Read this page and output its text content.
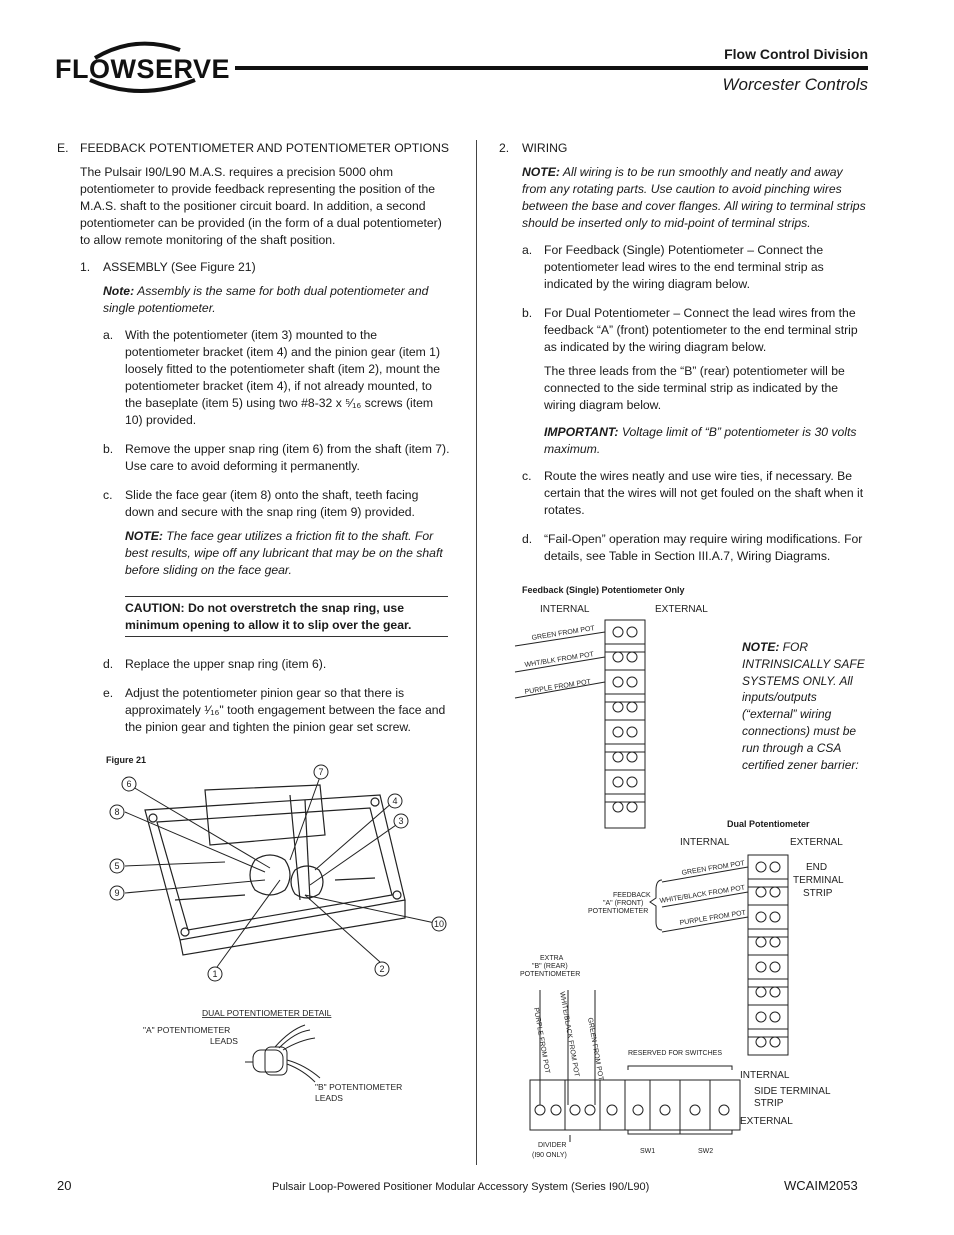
FLOWSERVE	Flow Control Division
Worcester Controls
E. FEEDBACK POTENTIOMETER AND POTENTIOMETER OPTIONS

The Pulsair I90/L90 M.A.S. requires a precision 5000 ohm potentiometer to provide feedback representing the position of the M.A.S. shaft to the positioner circuit board. In addition, a second potentiometer can be provided (in the form of a dual potentiometer) to allow remote monitoring of the shaft position.

1. ASSEMBLY (See Figure 21)

Note: Assembly is the same for both dual potentiometer and single potentiometer.

a. With the potentiometer (item 3) mounted to the potentiometer bracket (item 4) and the pinion gear (item 1) loosely fitted to the potentiometer shaft (item 2), mount the potentiometer bracket (item 4), if not already mounted, to the baseplate (item 5) using two #8-32 x ⁵⁄₁₆ screws (item 10) provided.

b. Remove the upper snap ring (item 6) from the shaft (item 7). Use care to avoid deforming it permanently.

c. Slide the face gear (item 8) onto the shaft, teeth facing down and secure with the snap ring (item 9) provided.

NOTE: The face gear utilizes a friction fit to the shaft. For best results, wipe off any lubricant that may be on the shaft before sliding on the face gear.

CAUTION: Do not overstretch the snap ring, use minimum opening to allow it to slip over the gear.

d. Replace the upper snap ring (item 6).

e. Adjust the potentiometer pinion gear so that there is approximately ¹⁄₁₆" tooth engagement between the face and the pinion gear and tighten the pinion gear set screw.

Figure 21
6
8
5
9
7
4
3
10
1	2
DUAL POTENTIOMETER DETAIL
"A" POTENTIOMETER
LEADS
"B" POTENTIOMETER
LEADS
2. WIRING

NOTE: All wiring is to be run smoothly and neatly and away from any rotating parts. Use caution to avoid pinching wires between the base and cover flanges. All wiring to terminal strips should be inserted only to mid-point of terminal strips.

a. For Feedback (Single) Potentiometer – Connect the potentiometer lead wires to the end terminal strip as indicated by the wiring diagram below.

b. For Dual Potentiometer – Connect the lead wires from the feedback “A” (front) potentiometer to the end terminal strip as indicated by the wiring diagram below.

The three leads from the “B” (rear) potentiometer will be connected to the side terminal strip as indicated by the wiring diagram below.

IMPORTANT: Voltage limit of “B” potentiometer is 30 volts maximum.

c. Route the wires neatly and use wire ties, if necessary. Be certain that the wires will not get fouled on the shaft when it rotates.

d. “Fail-Open” operation may require wiring modifications. For details, see Table in Section III.A.7, Wiring Diagrams.

Feedback (Single) Potentiometer Only

NOTE: FOR INTRINSICALLY SAFE SYSTEMS ONLY. All inputs/outputs (“external” wiring connections) must be run through a CSA certified zener barrier:

Dual Potentiometer
INTERNAL	EXTERNAL
GREEN FROM POT
WHT/BLK FROM POT
PURPLE FROM POT
INTERNAL	EXTERNAL
END
TERMINAL
STRIP
FEEDBACK
"A" (FRONT)
POTENTIOMETER
GREEN FROM POT
WHITE/BLACK FROM POT
PURPLE FROM POT
EXTRA
"B" (REAR)
POTENTIOMETER
PURPLE FROM POT WHITE/BLACK FROM POT GREEN FROM POT	RESERVED FOR SWITCHES
INTERNAL
SIDE TERMINAL
STRIP
EXTERNAL
DIVIDER
(I90 ONLY)
SW1	SW2
20	Pulsair Loop-Powered Positioner Modular Accessory System (Series I90/L90)	WCAIM2053
